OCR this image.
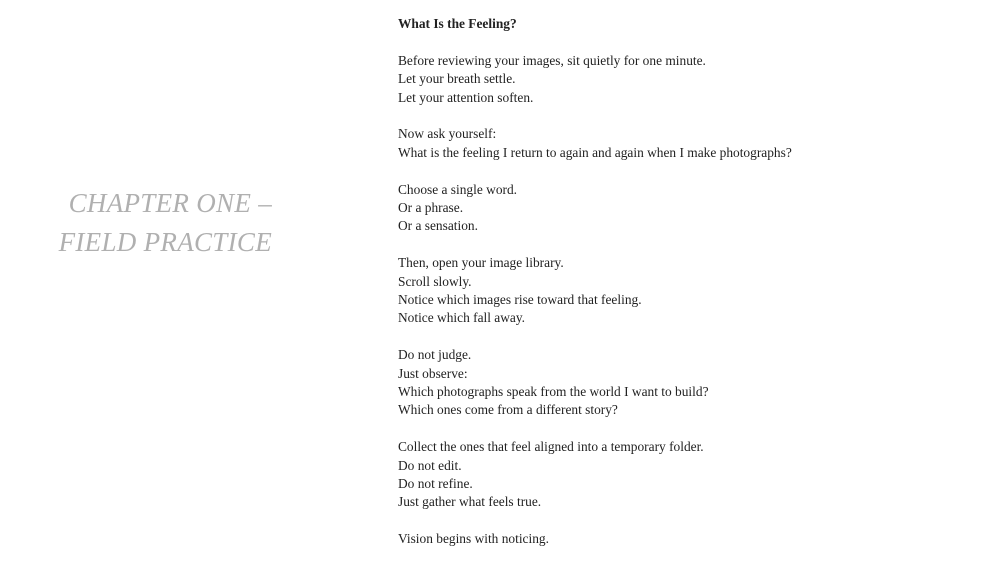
CHAPTER ONE –
FIELD PRACTICE
What Is the Feeling?
Before reviewing your images, sit quietly for one minute.
Let your breath settle.
Let your attention soften.
Now ask yourself:
What is the feeling I return to again and again when I make photographs?
Choose a single word.
Or a phrase.
Or a sensation.
Then, open your image library.
Scroll slowly.
Notice which images rise toward that feeling.
Notice which fall away.
Do not judge.
Just observe:
Which photographs speak from the world I want to build?
Which ones come from a different story?
Collect the ones that feel aligned into a temporary folder.
Do not edit.
Do not refine.
Just gather what feels true.
Vision begins with noticing.
